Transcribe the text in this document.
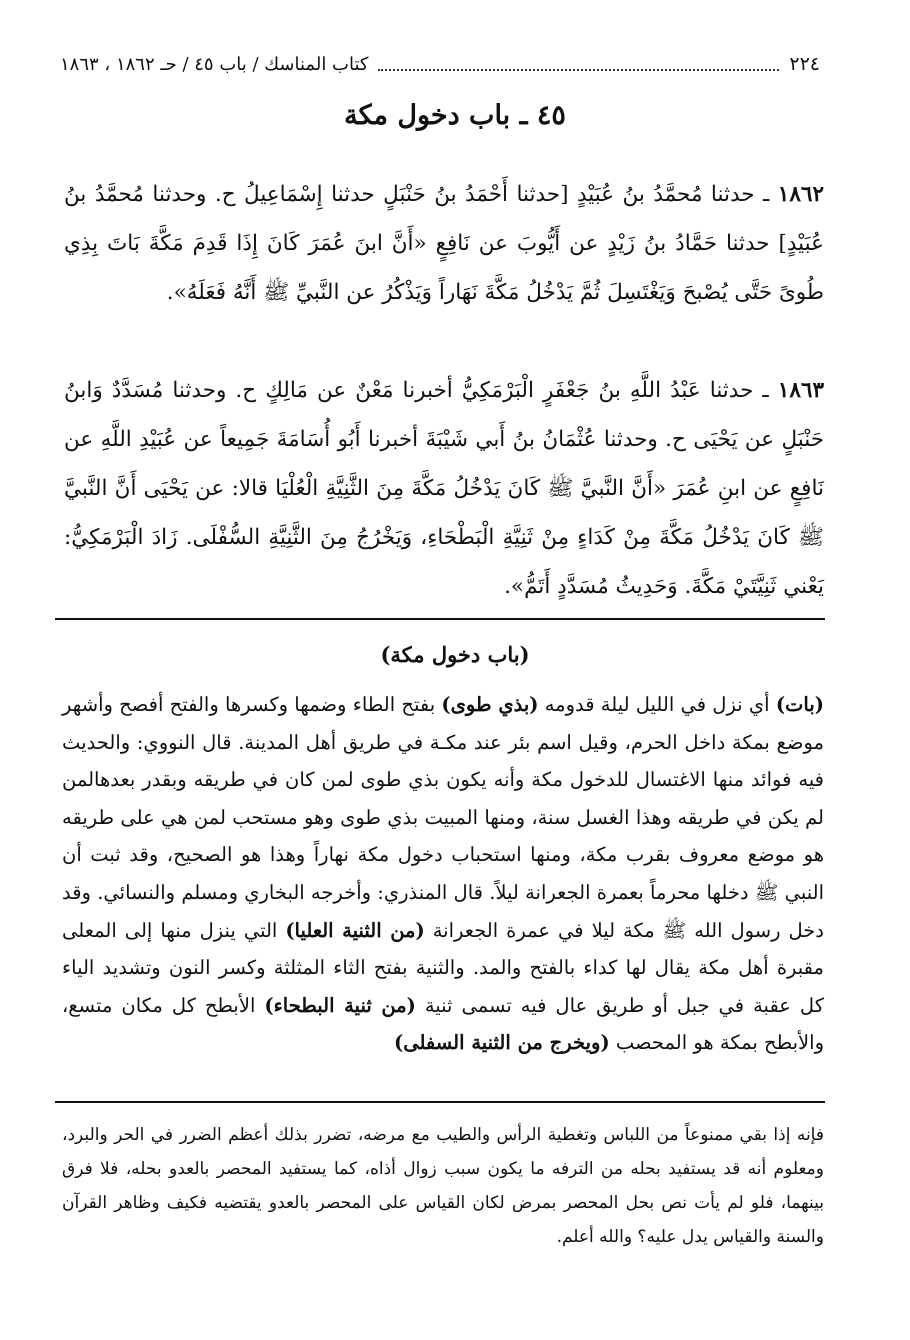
٢٢٤
كتاب المناسك / باب ٤٥ / حـ ١٨٦٢ ، ١٨٦٣
٤٥ ـ باب دخول مكة
١٨٦٢ ـ حدثنا مُحمَّدُ بنُ عُبَيْدٍ [حدثنا أَحْمَدُ بنُ حَنْبَلٍ حدثنا إِسْمَاعِيلُ ح. وحدثنا مُحمَّدُ بنُ عُبَيْدٍ] حدثنا حَمَّادُ بنُ زَيْدٍ عن أَيُّوبَ عن نَافِعٍ «أَنَّ ابنَ عُمَرَ كَانَ إِذَا قَدِمَ مَكَّةَ بَاتَ بِذِي طُوىً حَتَّى يُصْبحَ وَيَغْتَسِلَ ثُمَّ يَدْخُلُ مَكَّةَ نَهَاراً وَيَذْكُرُ عن النَّبيِّ ﷺ أَنَّهُ فَعَلَهُ».
١٨٦٣ ـ حدثنا عَبْدُ اللَّهِ بنُ جَعْفَرٍ الْبَرْمَكِيُّ أخبرنا مَعْنٌ عن مَالِكٍ ح. وحدثنا مُسَدَّدٌ وَابنُ حَنْبَلٍ عن يَحْيَى ح. وحدثنا عُثْمَانُ بنُ أَبي شَيْبَةَ أخبرنا أَبُو أُسَامَةَ جَمِيعاً عن عُبَيْدِ اللَّهِ عن نَافِعٍ عن ابنِ عُمَرَ «أَنَّ النَّبيَّ ﷺ كَانَ يَدْخُلُ مَكَّةَ مِنَ الثَّنِيَّةِ الْعُلْيَا قالا: عن يَحْيَى أَنَّ النَّبيَّ ﷺ كَانَ يَدْخُلُ مَكَّةَ مِنْ كَدَاءٍ مِنْ ثَنِيَّةِ الْبَطْحَاءِ، وَيَخْرُجُ مِنَ الثَّنِيَّةِ السُّفْلَى. زَادَ الْبَرْمَكِيُّ: يَعْني ثَنِيَّتَيْ مَكَّةَ. وَحَدِيثُ مُسَدَّدٍ أَتَمُّ».
(باب دخول مكة)
(بات) أي نزل في الليل ليلة قدومه (بذي طوى) بفتح الطاء وضمها وكسرها والفتح أفصح وأشهر موضع بمكة داخل الحرم، وقيل اسم بئر عند مكـة في طريق أهل المدينة. قال النووي: والحديث فيه فوائد منها الاغتسال للدخول مكة وأنه يكون بذي طوى لمن كان في طريقه وبقدر بعدهالمن لم يكن في طريقه وهذا الغسل سنة، ومنها المبيت بذي طوى وهو مستحب لمن هي على طريقه هو موضع معروف بقرب مكة، ومنها استحباب دخول مكة نهاراً وهذا هو الصحيح، وقد ثبت أن النبي ﷺ دخلها محرماً بعمرة الجعرانة ليلاً. قال المنذري: وأخرجه البخاري ومسلم والنسائي. وقد دخل رسول الله ﷺ مكة ليلا في عمرة الجعرانة (من الثنية العليا) التي ينزل منها إلى المعلى مقبرة أهل مكة يقال لها كداء بالفتح والمد. والثنية بفتح الثاء المثلثة وكسر النون وتشديد الياء كل عقبة في جبل أو طريق عال فيه تسمى ثنية (من ثنية البطحاء) الأبطح كل مكان متسع، والأبطح بمكة هو المحصب (ويخرج من الثنية السفلى)
فإنه إذا بقي ممنوعاً من اللباس وتغطية الرأس والطيب مع مرضه، تضرر بذلك أعظم الضرر في الحر والبرد، ومعلوم أنه قد يستفيد بحله من الترفه ما يكون سبب زوال أذاه، كما يستفيد المحصر بالعدو بحله، فلا فرق بينهما، فلو لم يأت نص بحل المحصر بمرض لكان القياس على المحصر بالعدو يقتضيه فكيف وظاهر القرآن والسنة والقياس يدل عليه؟ والله أعلم.
